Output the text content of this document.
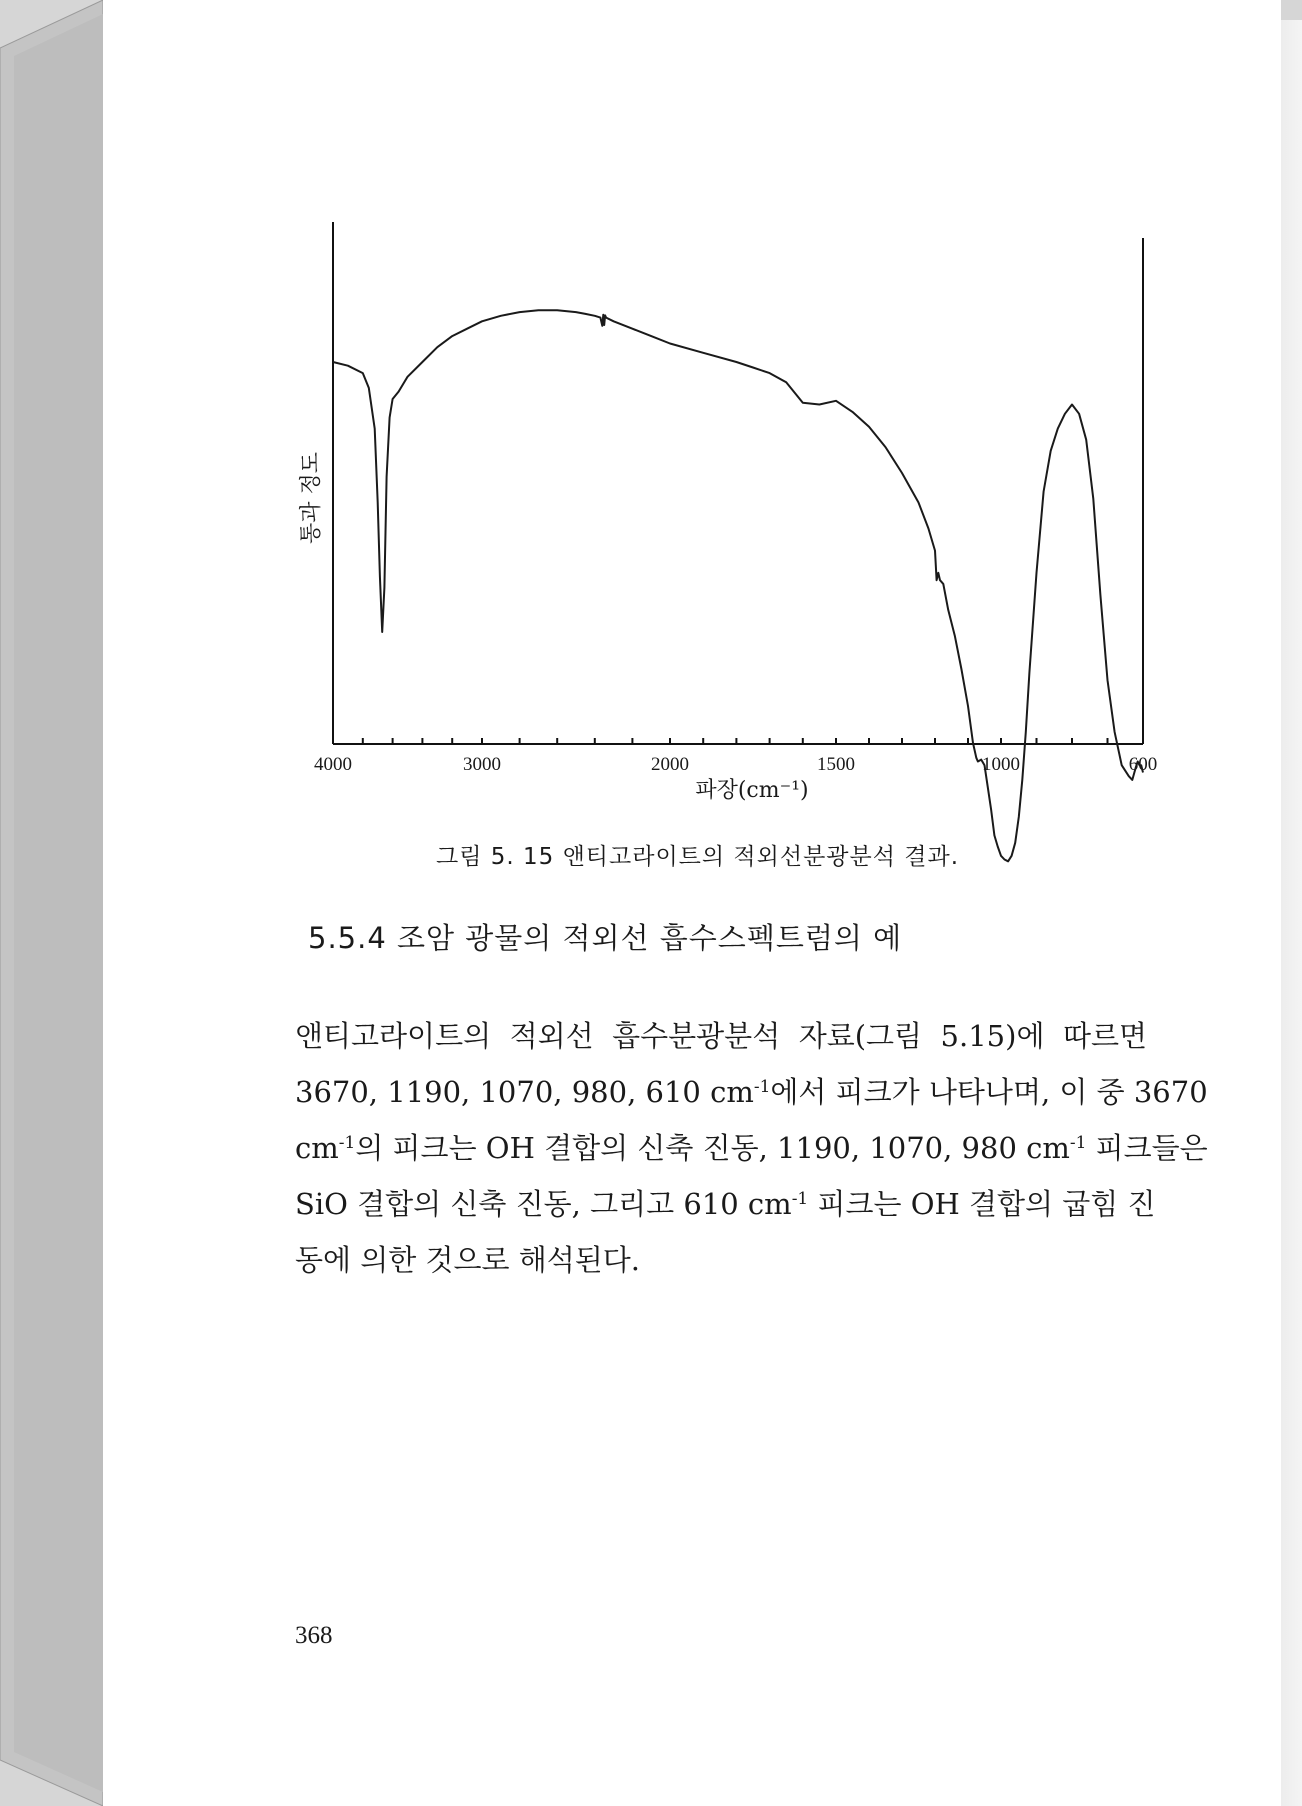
4000	3000	2000	1500	1000	600
파장(cm⁻¹)
통과 정도
그림 5. 15 앤티고라이트의 적외선분광분석 결과.
5.5.4 조암 광물의 적외선 흡수스펙트럼의 예
앤티고라이트의 적외선 흡수분광분석 자료(그림 5.15)에 따르면
3670, 1190, 1070, 980, 610 $cm^{-1}$에서 피크가 나타나며, 이 중 3670
$cm^{-1}$의 피크는 OH 결합의 신축 진동, 1190, 1070, 980 $cm^{-1}$ 피크들은
SiO 결합의 신축 진동, 그리고 610 $cm^{-1}$ 피크는 OH 결합의 굽힘 진
동에 의한 것으로 해석된다.
368
